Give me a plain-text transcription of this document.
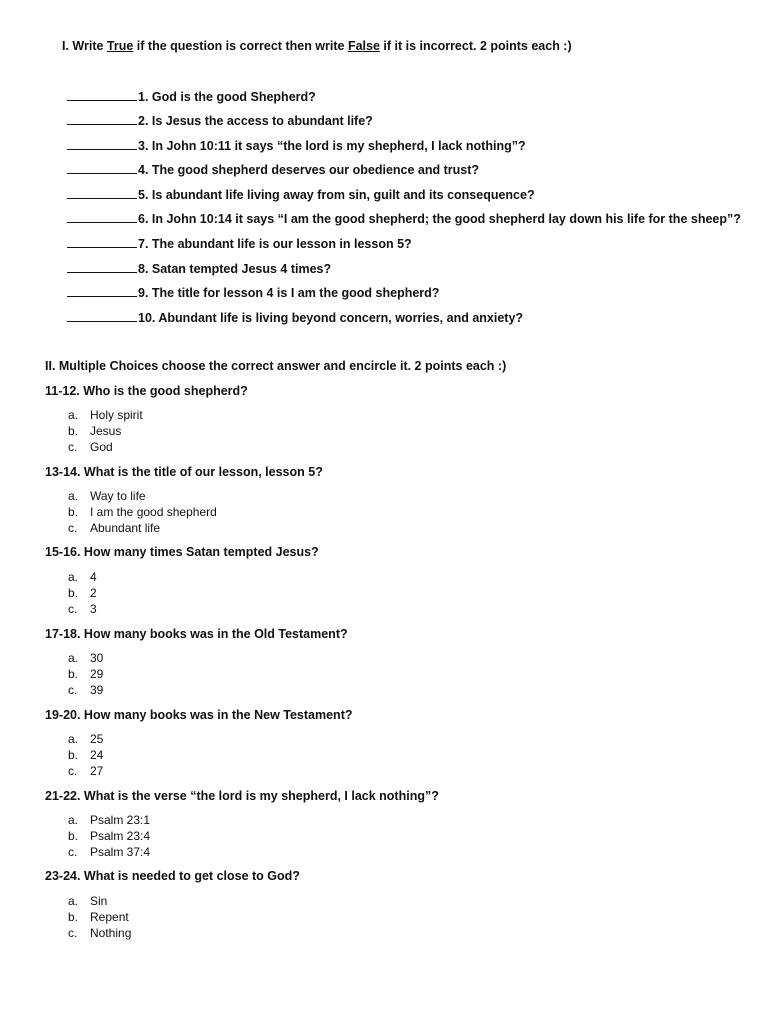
I. Write True if the question is correct then write False if it is incorrect. 2 points each :)
1. God is the good Shepherd?
2. Is Jesus the access to abundant life?
3. In John 10:11 it says “the lord is my shepherd, I lack nothing”?
4. The good shepherd deserves our obedience and trust?
5. Is abundant life living away from sin, guilt and its consequence?
6. In John 10:14 it says “I am the good shepherd; the good shepherd lay down his life for the sheep”?
7. The abundant life is our lesson in lesson 5?
8. Satan tempted Jesus 4 times?
9. The title for lesson 4 is I am the good shepherd?
10. Abundant life is living beyond concern, worries, and anxiety?
II. Multiple Choices choose the correct answer and encircle it. 2 points each :)
11-12. Who is the good shepherd?
a. Holy spirit
b. Jesus
c.	God
13-14. What is the title of our lesson, lesson 5?
a. Way to life
b. I am the good shepherd
c.	Abundant life
15-16. How many times Satan tempted Jesus?
a. 4
b. 2
c.	3
17-18. How many books was in the Old Testament?
a. 30
b. 29
c.	39
19-20. How many books was in the New Testament?
a. 25
b. 24
c.	27
21-22. What is the verse “the lord is my shepherd, I lack nothing”?
a. Psalm 23:1
b. Psalm 23:4
c.	Psalm 37:4
23-24. What is needed to get close to God?
a. Sin
b. Repent
c.	Nothing
